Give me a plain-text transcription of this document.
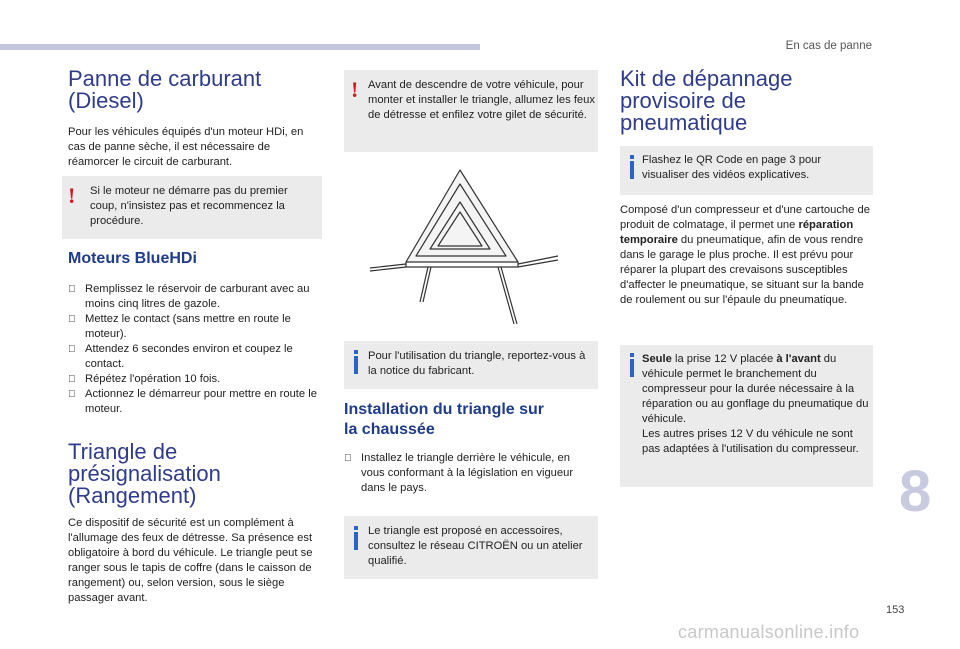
En cas de panne
Panne de carburant
(Diesel)

Pour les véhicules équipés d'un moteur HDi, en cas de panne sèche, il est nécessaire de réamorcer le circuit de carburant.

! Si le moteur ne démarre pas du premier coup, n'insistez pas et recommencez la procédure.

Moteurs BlueHDi
Remplissez le réservoir de carburant avec au moins cinq litres de gazole.
Mettez le contact (sans mettre en route le moteur).
Attendez 6 secondes environ et coupez le contact.
Répétez l'opération 10 fois.
Actionnez le démarreur pour mettre en route le moteur.
Triangle de
présignalisation
(Rangement)

Ce dispositif de sécurité est un complément à l'allumage des feux de détresse. Sa présence est obligatoire à bord du véhicule. Le triangle peut se ranger sous le tapis de coffre (dans le caisson de rangement) ou, selon version, sous le siège passager avant.

! Avant de descendre de votre véhicule, pour monter et installer le triangle, allumez les feux de détresse et enfilez votre gilet de sécurité.

Pour l'utilisation du triangle, reportez-vous à la notice du fabricant.

Installation du triangle sur
la chaussée
Installez le triangle derrière le véhicule, en vous conformant à la législation en vigueur dans le pays.

Le triangle est proposé en accessoires, consultez le réseau CITROËN ou un atelier qualifié.

Kit de dépannage
provisoire de
pneumatique

Flashez le QR Code en page 3 pour visualiser des vidéos explicatives.

Composé d'un compresseur et d'une cartouche de produit de colmatage, il permet une réparation temporaire du pneumatique, afin de vous rendre dans le garage le plus proche. Il est prévu pour réparer la plupart des crevaisons susceptibles d'affecter le pneumatique, se situant sur la bande de roulement ou sur l'épaule du pneumatique.

Seule la prise 12 V placée à l'avant du véhicule permet le branchement du compresseur pour la durée nécessaire à la réparation ou au gonflage du pneumatique du véhicule.
Les autres prises 12 V du véhicule ne sont pas adaptées à l'utilisation du compresseur.

8
153
carmanualsonline.info
